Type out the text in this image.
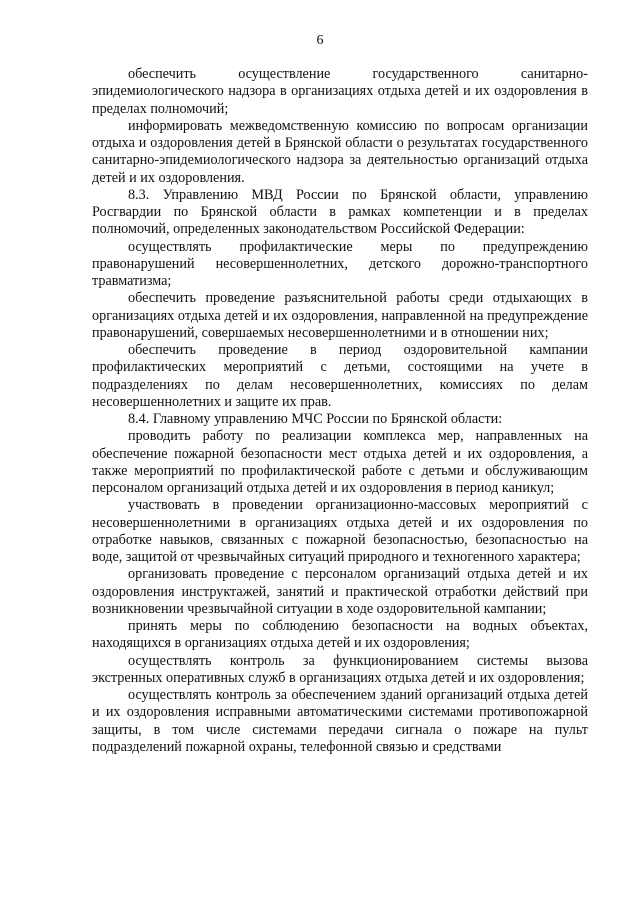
6

обеспечить осуществление государственного санитарно-эпидемиологического надзора в организациях отдыха детей и их оздоровления в пределах полномочий;

информировать межведомственную комиссию по вопросам организации отдыха и оздоровления детей в Брянской области о результатах государственного санитарно-эпидемиологического надзора за деятельностью организаций отдыха детей и их оздоровления.

8.3. Управлению МВД России по Брянской области, управлению Росгвардии по Брянской области в рамках компетенции и в пределах полномочий, определенных законодательством Российской Федерации:

осуществлять профилактические меры по предупреждению правонарушений несовершеннолетних, детского дорожно-транспортного травматизма;

обеспечить проведение разъяснительной работы среди отдыхающих в организациях отдыха детей и их оздоровления, направленной на предупреждение правонарушений, совершаемых несовершеннолетними и в отношении них;

обеспечить проведение в период оздоровительной кампании профилактических мероприятий с детьми, состоящими на учете в подразделениях по делам несовершеннолетних, комиссиях по делам несовершеннолетних и защите их прав.

8.4. Главному управлению МЧС России по Брянской области:

проводить работу по реализации комплекса мер, направленных на обеспечение пожарной безопасности мест отдыха детей и их оздоровления, а также мероприятий по профилактической работе с детьми и обслуживающим персоналом организаций отдыха детей и их оздоровления в период каникул;

участвовать в проведении организационно-массовых мероприятий с несовершеннолетними в организациях отдыха детей и их оздоровления по отработке навыков, связанных с пожарной безопасностью, безопасностью на воде, защитой от чрезвычайных ситуаций природного и техногенного характера;

организовать проведение с персоналом организаций отдыха детей и их оздоровления инструктажей, занятий и практической отработки действий при возникновении чрезвычайной ситуации в ходе оздоровительной кампании;

принять меры по соблюдению безопасности на водных объектах, находящихся в организациях отдыха детей и их оздоровления;

осуществлять контроль за функционированием системы вызова экстренных оперативных служб в организациях отдыха детей и их оздоровления;

осуществлять контроль за обеспечением зданий организаций отдыха детей и их оздоровления исправными автоматическими системами противопожарной защиты, в том числе системами передачи сигнала о пожаре на пульт подразделений пожарной охраны, телефонной связью и средствами
